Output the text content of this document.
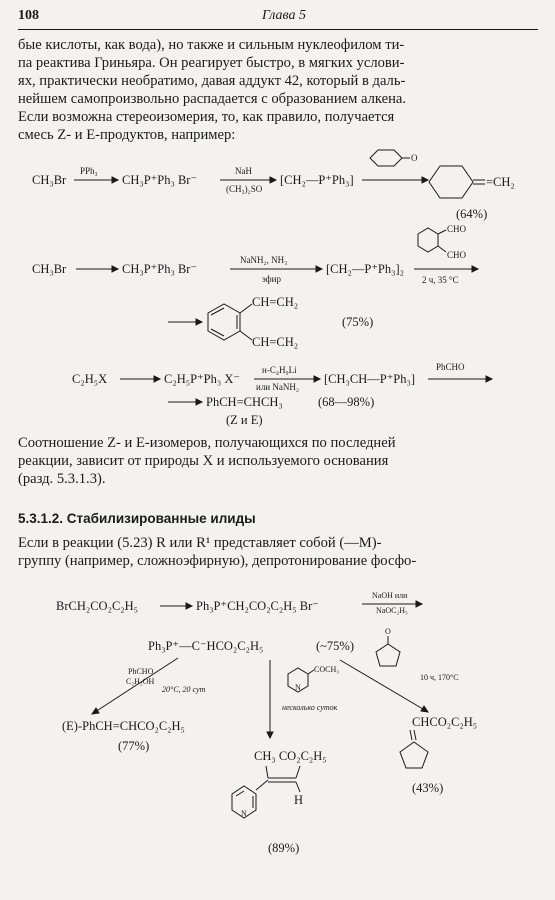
108	Глава 5
бые кислоты, как вода), но также и сильным нуклеофилом ти-
па реактива Гриньяра. Он реагирует быстро, в мягких услови-
ях, практически необратимо, давая аддукт 42, который в даль-
нейшем самопроизвольно распадается с образованием алкена.
Если возможна стереоизомерия, то, как правило, получается
смесь Z- и E-продуктов, например:
CH₃Br
PPh₃
CH₃P⁺Ph₃ Br⁻
NaH
(CH₃)₂SO
[CH₂—P⁺Ph₃]
O
=CH₂
(64%)
CHO
CHO
CH₃Br	CH₃P⁺Ph₃ Br⁻
NaNH₂, NH₃
эфир
[CH₂—P⁺Ph₃]₂
2 ч, 35 °C
CH=CH₂
CH=CH₂
(75%)
C₂H₅X	C₂H₅P⁺Ph₃ X⁻
н-C₄H₉Li
или NaNH₂
[CH₃CH—P⁺Ph₃]
PhCHO
PhCH=CHCH₃	(68—98%)
(Z и E)
Соотношение Z- и E-изомеров, получающихся по последней
реакции, зависит от природы X и используемого основания
(разд. 5.3.1.3).
5.3.1.2. Стабилизированные илиды
Если в реакции (5.23) R или R¹ представляет собой (—M)-
группу (например, сложноэфирную), депротонирование фосфо-
BrCH₂CO₂C₂H₅	Ph₃P⁺CH₂CO₂C₂H₅ Br⁻
NaOH или
NaOC₂H₅
Ph₃P⁺—C⁻HCO₂C₂H₅	(~75%)
PhCHO
C₂H₅OH
20°C, 20 сут
(E)-PhCH=CHCO₂C₂H₅
(77%)
N
COCH₃
несколько суток
CH₃ CO₂C₂H₅
N
H
(89%)
O
10 ч, 170°C
CHCO₂C₂H₅
(43%)
